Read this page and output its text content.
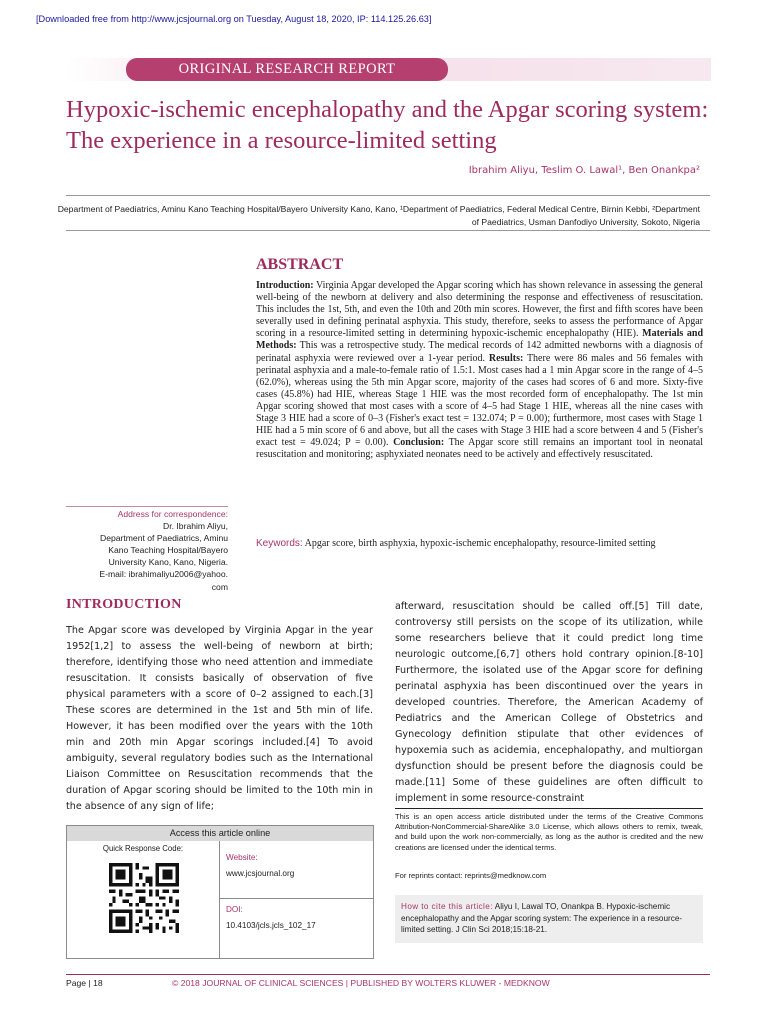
[Downloaded free from http://www.jcsjournal.org on Tuesday, August 18, 2020, IP: 114.125.26.63]
ORIGINAL RESEARCH REPORT
Hypoxic-ischemic encephalopathy and the Apgar scoring system: The experience in a resource-limited setting
Ibrahim Aliyu, Teslim O. Lawal¹, Ben Onankpa²
Department of Paediatrics, Aminu Kano Teaching Hospital/Bayero University Kano, Kano, ¹Department of Paediatrics, Federal Medical Centre, Birnin Kebbi, ²Department of Paediatrics, Usman Danfodiyo University, Sokoto, Nigeria
ABSTRACT
Introduction: Virginia Apgar developed the Apgar scoring which has shown relevance in assessing the general well-being of the newborn at delivery and also determining the response and effectiveness of resuscitation. This includes the 1st, 5th, and even the 10th and 20th min scores. However, the first and fifth scores have been severally used in defining perinatal asphyxia. This study, therefore, seeks to assess the performance of Apgar scoring in a resource-limited setting in determining hypoxic-ischemic encephalopathy (HIE). Materials and Methods: This was a retrospective study. The medical records of 142 admitted newborns with a diagnosis of perinatal asphyxia were reviewed over a 1-year period. Results: There were 86 males and 56 females with perinatal asphyxia and a male-to-female ratio of 1.5:1. Most cases had a 1 min Apgar score in the range of 4–5 (62.0%), whereas using the 5th min Apgar score, majority of the cases had scores of 6 and more. Sixty-five cases (45.8%) had HIE, whereas Stage 1 HIE was the most recorded form of encephalopathy. The 1st min Apgar scoring showed that most cases with a score of 4–5 had Stage 1 HIE, whereas all the nine cases with Stage 3 HIE had a score of 0–3 (Fisher's exact test = 132.074; P = 0.00); furthermore, most cases with Stage 1 HIE had a 5 min score of 6 and above, but all the cases with Stage 3 HIE had a score between 4 and 5 (Fisher's exact test = 49.024; P = 0.00). Conclusion: The Apgar score still remains an important tool in neonatal resuscitation and monitoring; asphyxiated neonates need to be actively and effectively resuscitated.
Keywords: Apgar score, birth asphyxia, hypoxic-ischemic encephalopathy, resource-limited setting
Address for correspondence:
Dr. Ibrahim Aliyu,
Department of Paediatrics, Aminu
Kano Teaching Hospital/Bayero
University Kano, Kano, Nigeria.
E-mail: ibrahimaliyu2006@yahoo.
com
INTRODUCTION
The Apgar score was developed by Virginia Apgar in the year 1952[1,2] to assess the well-being of newborn at birth; therefore, identifying those who need attention and immediate resuscitation. It consists basically of observation of five physical parameters with a score of 0–2 assigned to each.[3] These scores are determined in the 1st and 5th min of life. However, it has been modified over the years with the 10th min and 20th min Apgar scorings included.[4] To avoid ambiguity, several regulatory bodies such as the International Liaison Committee on Resuscitation recommends that the duration of Apgar scoring should be limited to the 10th min in the absence of any sign of life;
afterward, resuscitation should be called off.[5] Till date, controversy still persists on the scope of its utilization, while some researchers believe that it could predict long time neurologic outcome,[6,7] others hold contrary opinion.[8-10] Furthermore, the isolated use of the Apgar score for defining perinatal asphyxia has been discontinued over the years in developed countries. Therefore, the American Academy of Pediatrics and the American College of Obstetrics and Gynecology definition stipulate that other evidences of hypoxemia such as acidemia, encephalopathy, and multiorgan dysfunction should be present before the diagnosis could be made.[11] Some of these guidelines are often difficult to implement in some resource-constraint
Access this article online
Quick Response Code:
Website:
www.jcsjournal.org
DOI:
10.4103/jcls.jcls_102_17
This is an open access article distributed under the terms of the Creative Commons Attribution-NonCommercial-ShareAlike 3.0 License, which allows others to remix, tweak, and build upon the work non-commercially, as long as the author is credited and the new creations are licensed under the identical terms.
For reprints contact: reprints@medknow.com
How to cite this article: Aliyu I, Lawal TO, Onankpa B. Hypoxic-ischemic encephalopathy and the Apgar scoring system: The experience in a resource-limited setting. J Clin Sci 2018;15:18-21.
Page | 18	© 2018 JOURNAL OF CLINICAL SCIENCES | PUBLISHED BY WOLTERS KLUWER - MEDKNOW
